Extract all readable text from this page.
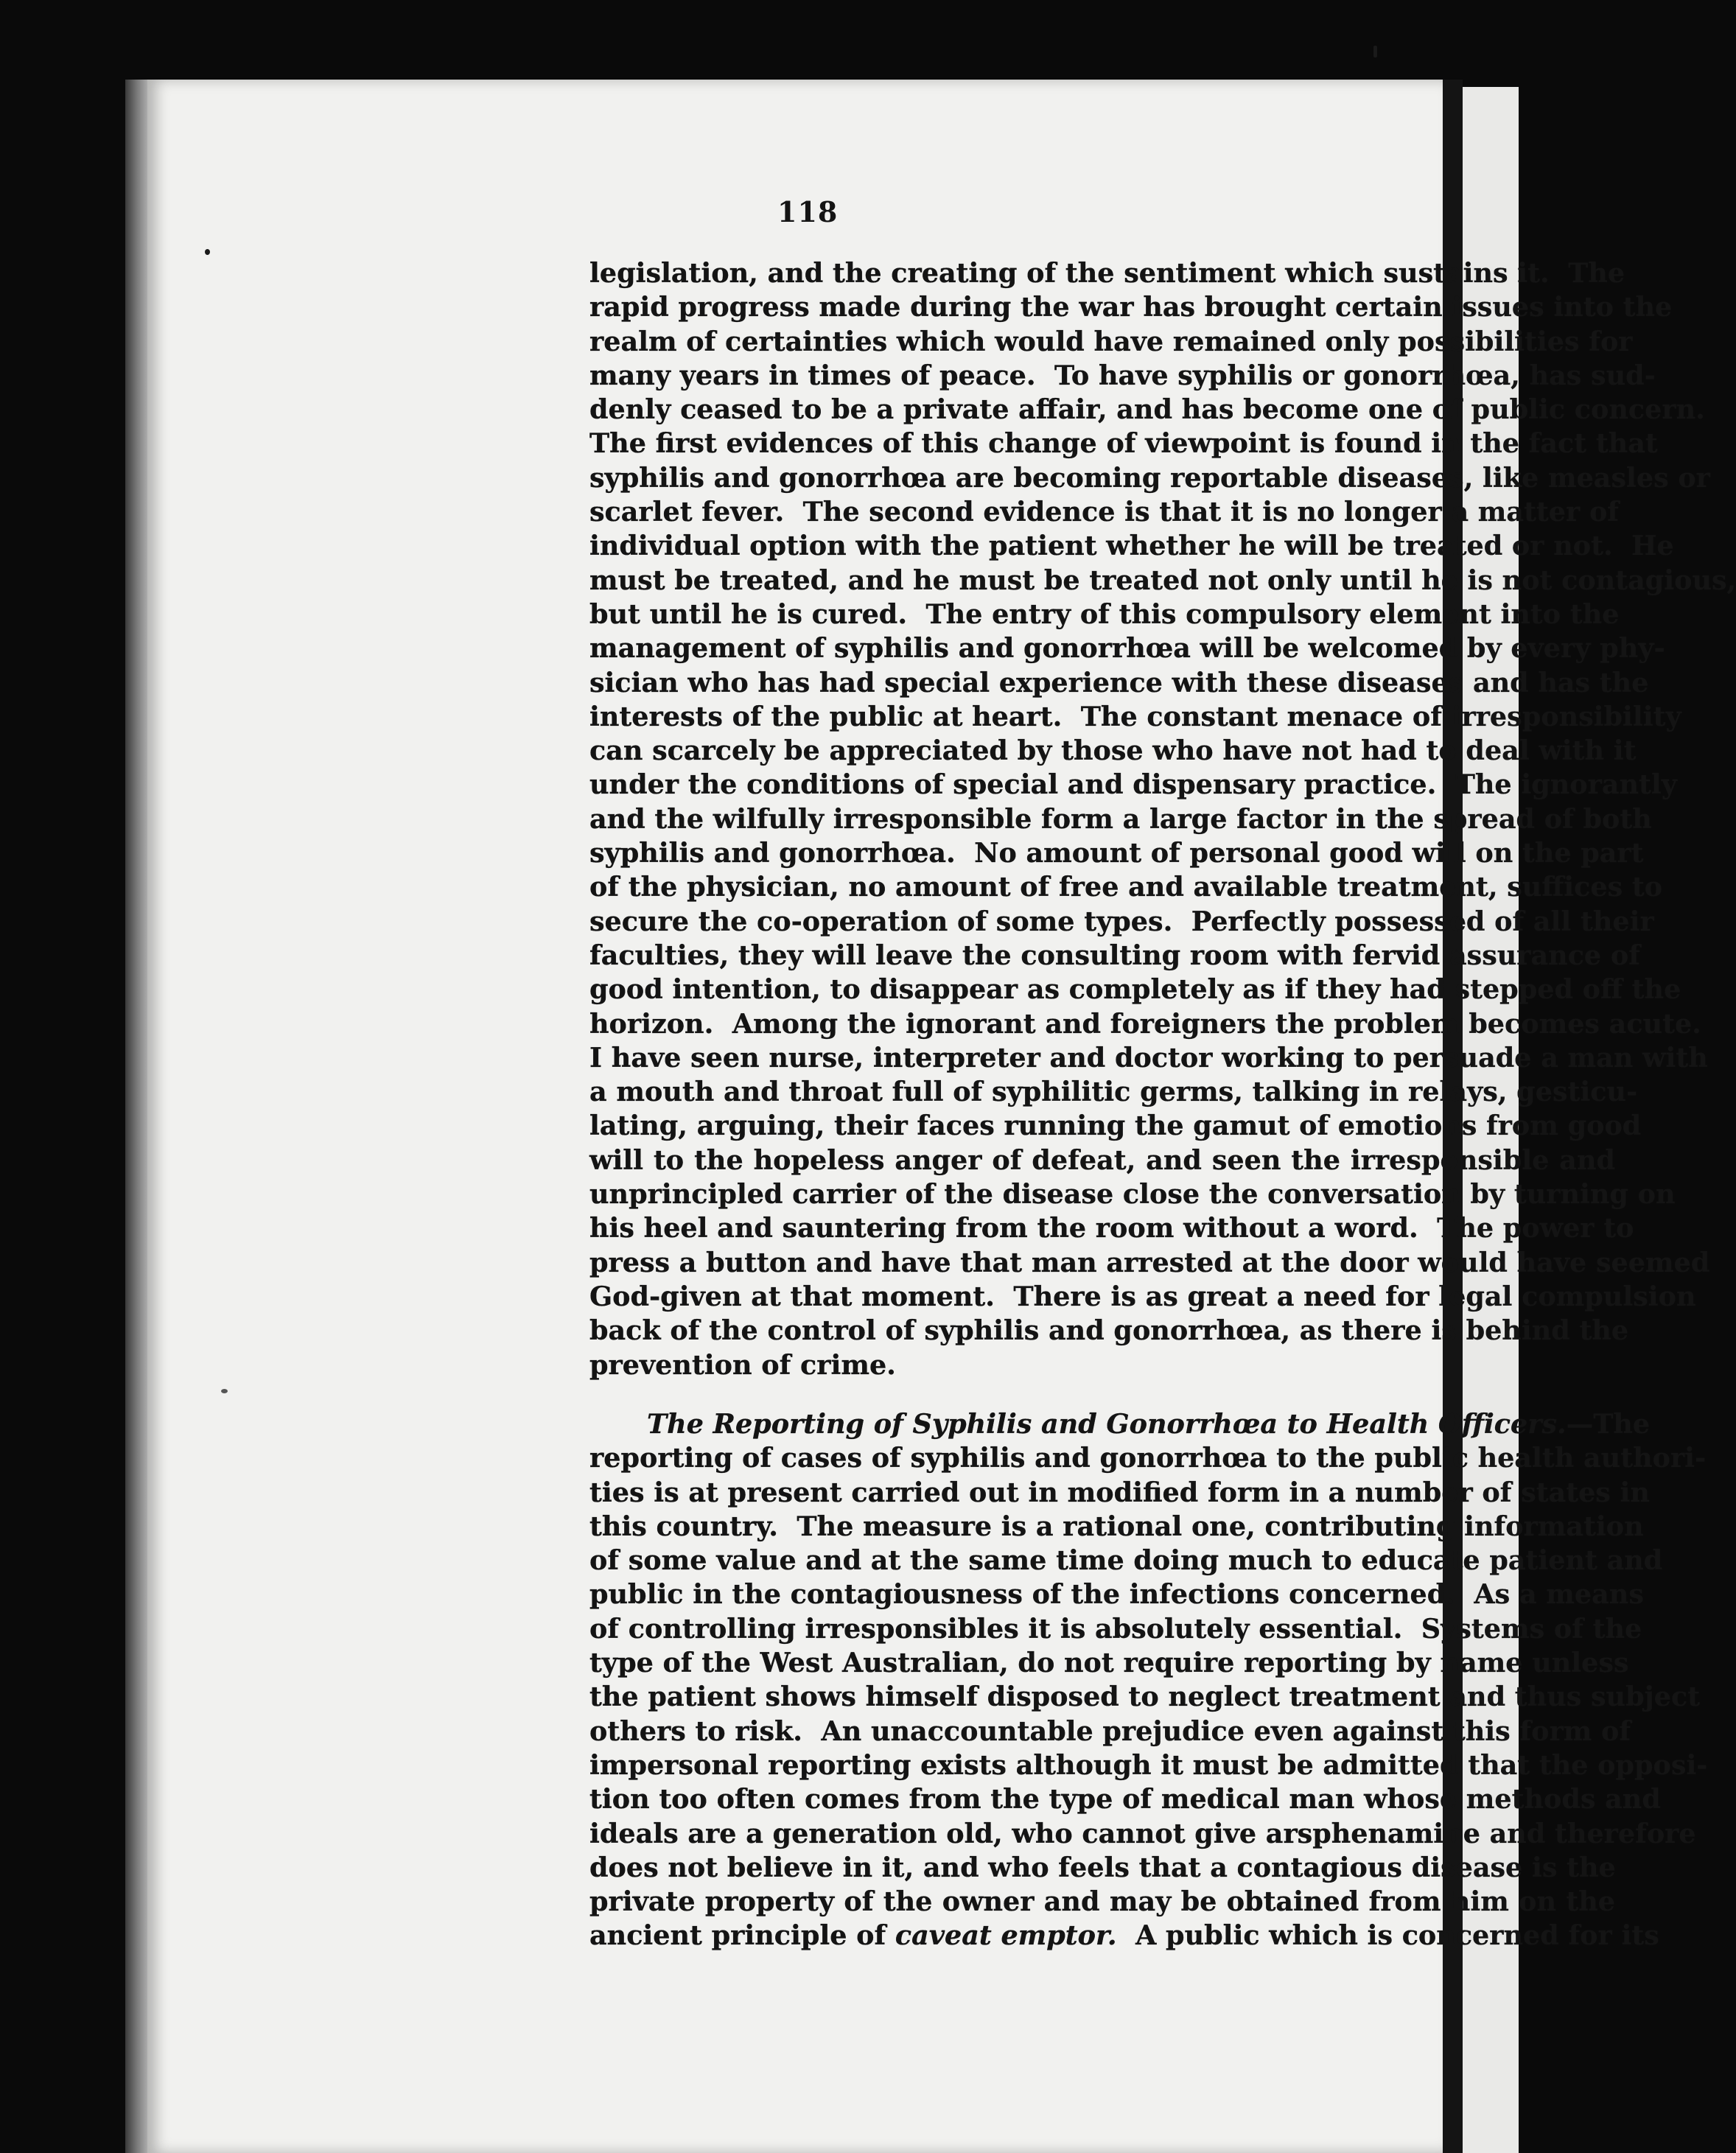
118
legislation, and the creating of the sentiment which sustains it.  The
rapid progress made during the war has brought certain issues into the
realm of certainties which would have remained only possibilities for
many years in times of peace.  To have syphilis or gonorrhœa, has sud-
denly ceased to be a private affair, and has become one of public concern.
The first evidences of this change of viewpoint is found in the fact that
syphilis and gonorrhœa are becoming reportable diseases, like measles or
scarlet fever.  The second evidence is that it is no longer a matter of
individual option with the patient whether he will be treated or not.  He
must be treated, and he must be treated not only until he is not contagious,
but until he is cured.  The entry of this compulsory element into the
management of syphilis and gonorrhœa will be welcomed by every phy-
sician who has had special experience with these diseases and has the
interests of the public at heart.  The constant menace of irresponsibility
can scarcely be appreciated by those who have not had to deal with it
under the conditions of special and dispensary practice.  The ignorantly
and the wilfully irresponsible form a large factor in the spread of both
syphilis and gonorrhœa.  No amount of personal good will on the part
of the physician, no amount of free and available treatment, suffices to
secure the co-operation of some types.  Perfectly possessed of all their
faculties, they will leave the consulting room with fervid assurance of
good intention, to disappear as completely as if they had stepped off the
horizon.  Among the ignorant and foreigners the problem becomes acute.
I have seen nurse, interpreter and doctor working to persuade a man with
a mouth and throat full of syphilitic germs, talking in relays, gesticu-
lating, arguing, their faces running the gamut of emotions from good
will to the hopeless anger of defeat, and seen the irresponsible and
unprincipled carrier of the disease close the conversation by turning on
his heel and sauntering from the room without a word.  The power to
press a button and have that man arrested at the door would have seemed
God-given at that moment.  There is as great a need for legal compulsion
back of the control of syphilis and gonorrhœa, as there is behind the
prevention of crime.
The Reporting of Syphilis and Gonorrhœa to Health Officers.—The
reporting of cases of syphilis and gonorrhœa to the public health authori-
ties is at present carried out in modified form in a number of states in
this country.  The measure is a rational one, contributing information
of some value and at the same time doing much to educate patient and
public in the contagiousness of the infections concerned.  As a means
of controlling irresponsibles it is absolutely essential.  Systems of the
type of the West Australian, do not require reporting by name unless
the patient shows himself disposed to neglect treatment and thus subject
others to risk.  An unaccountable prejudice even against this form of
impersonal reporting exists although it must be admitted that the opposi-
tion too often comes from the type of medical man whose methods and
ideals are a generation old, who cannot give arsphenamine and therefore
does not believe in it, and who feels that a contagious disease is the
private property of the owner and may be obtained from him on the
ancient principle of caveat emptor.  A public which is concerned for its
